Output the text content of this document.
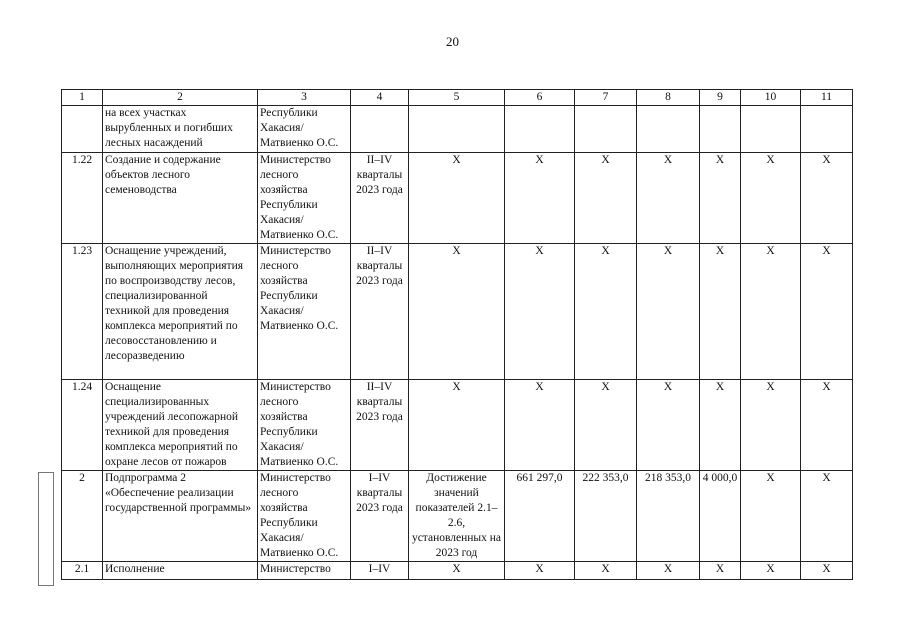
20
1	2	3	4	5	6	7	8	9	10	11
	на всех участках вырубленных и погибших лесных насаждений	Республики Хакасия/ Матвиенко О.С.								
1.22	Создание и содержание объектов лесного семеноводства	Министерство лесного хозяйства Республики Хакасия/ Матвиенко О.С.	II–IV кварталы 2023 года	Х	Х	Х	Х	Х	Х	Х
1.23	Оснащение учреждений, выполняющих мероприятия по воспроизводству лесов, специализированной техникой для проведения комплекса мероприятий по лесовосстановлению и лесоразведению	Министерство лесного хозяйства Республики Хакасия/ Матвиенко О.С.	II–IV кварталы 2023 года	Х	Х	Х	Х	Х	Х	Х
1.24	Оснащение специализированных учреждений лесопожарной техникой для проведения комплекса мероприятий по охране лесов от пожаров	Министерство лесного хозяйства Республики Хакасия/ Матвиенко О.С.	II–IV кварталы 2023 года	Х	Х	Х	Х	Х	Х	Х
2	Подпрограмма 2 «Обеспечение реализации государственной программы»	Министерство лесного хозяйства Республики Хакасия/ Матвиенко О.С.	I–IV кварталы 2023 года	Достижение значений показателей 2.1–2.6, установленных на 2023 год	661 297,0	222 353,0	218 353,0	4 000,0	Х	Х
2.1	Исполнение	Министерство	I–IV	Х	Х	Х	Х	Х	Х	Х
